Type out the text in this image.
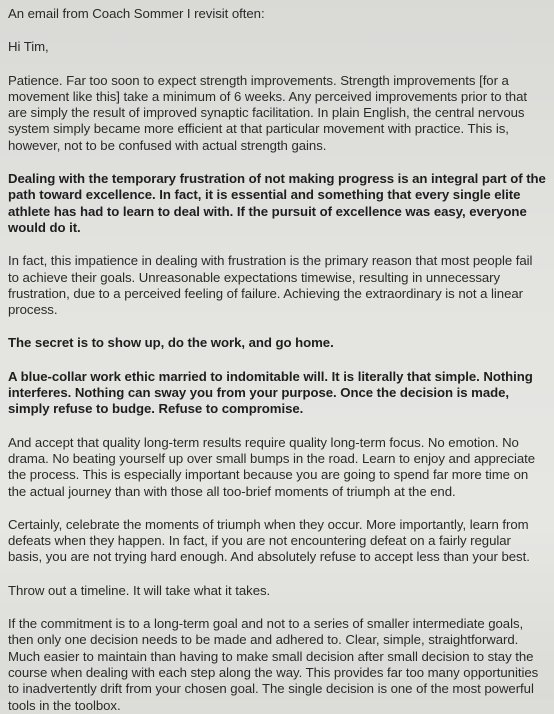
An email from Coach Sommer I revisit often:

Hi Tim,

Patience. Far too soon to expect strength improvements. Strength improvements [for a movement like this] take a minimum of 6 weeks. Any perceived improvements prior to that are simply the result of improved synaptic facilitation. In plain English, the central nervous system simply became more efficient at that particular movement with practice. This is, however, not to be confused with actual strength gains.

Dealing with the temporary frustration of not making progress is an integral part of the path toward excellence. In fact, it is essential and something that every single elite athlete has had to learn to deal with. If the pursuit of excellence was easy, everyone would do it.

In fact, this impatience in dealing with frustration is the primary reason that most people fail to achieve their goals. Unreasonable expectations timewise, resulting in unnecessary frustration, due to a perceived feeling of failure. Achieving the extraordinary is not a linear process.

The secret is to show up, do the work, and go home.

A blue-collar work ethic married to indomitable will. It is literally that simple. Nothing interferes. Nothing can sway you from your purpose. Once the decision is made, simply refuse to budge. Refuse to compromise.

And accept that quality long-term results require quality long-term focus. No emotion. No drama. No beating yourself up over small bumps in the road. Learn to enjoy and appreciate the process. This is especially important because you are going to spend far more time on the actual journey than with those all too-brief moments of triumph at the end.

Certainly, celebrate the moments of triumph when they occur. More importantly, learn from defeats when they happen. In fact, if you are not encountering defeat on a fairly regular basis, you are not trying hard enough. And absolutely refuse to accept less than your best.

Throw out a timeline. It will take what it takes.

If the commitment is to a long-term goal and not to a series of smaller intermediate goals, then only one decision needs to be made and adhered to. Clear, simple, straightforward. Much easier to maintain than having to make small decision after small decision to stay the course when dealing with each step along the way. This provides far too many opportunities to inadvertently drift from your chosen goal. The single decision is one of the most powerful tools in the toolbox.
